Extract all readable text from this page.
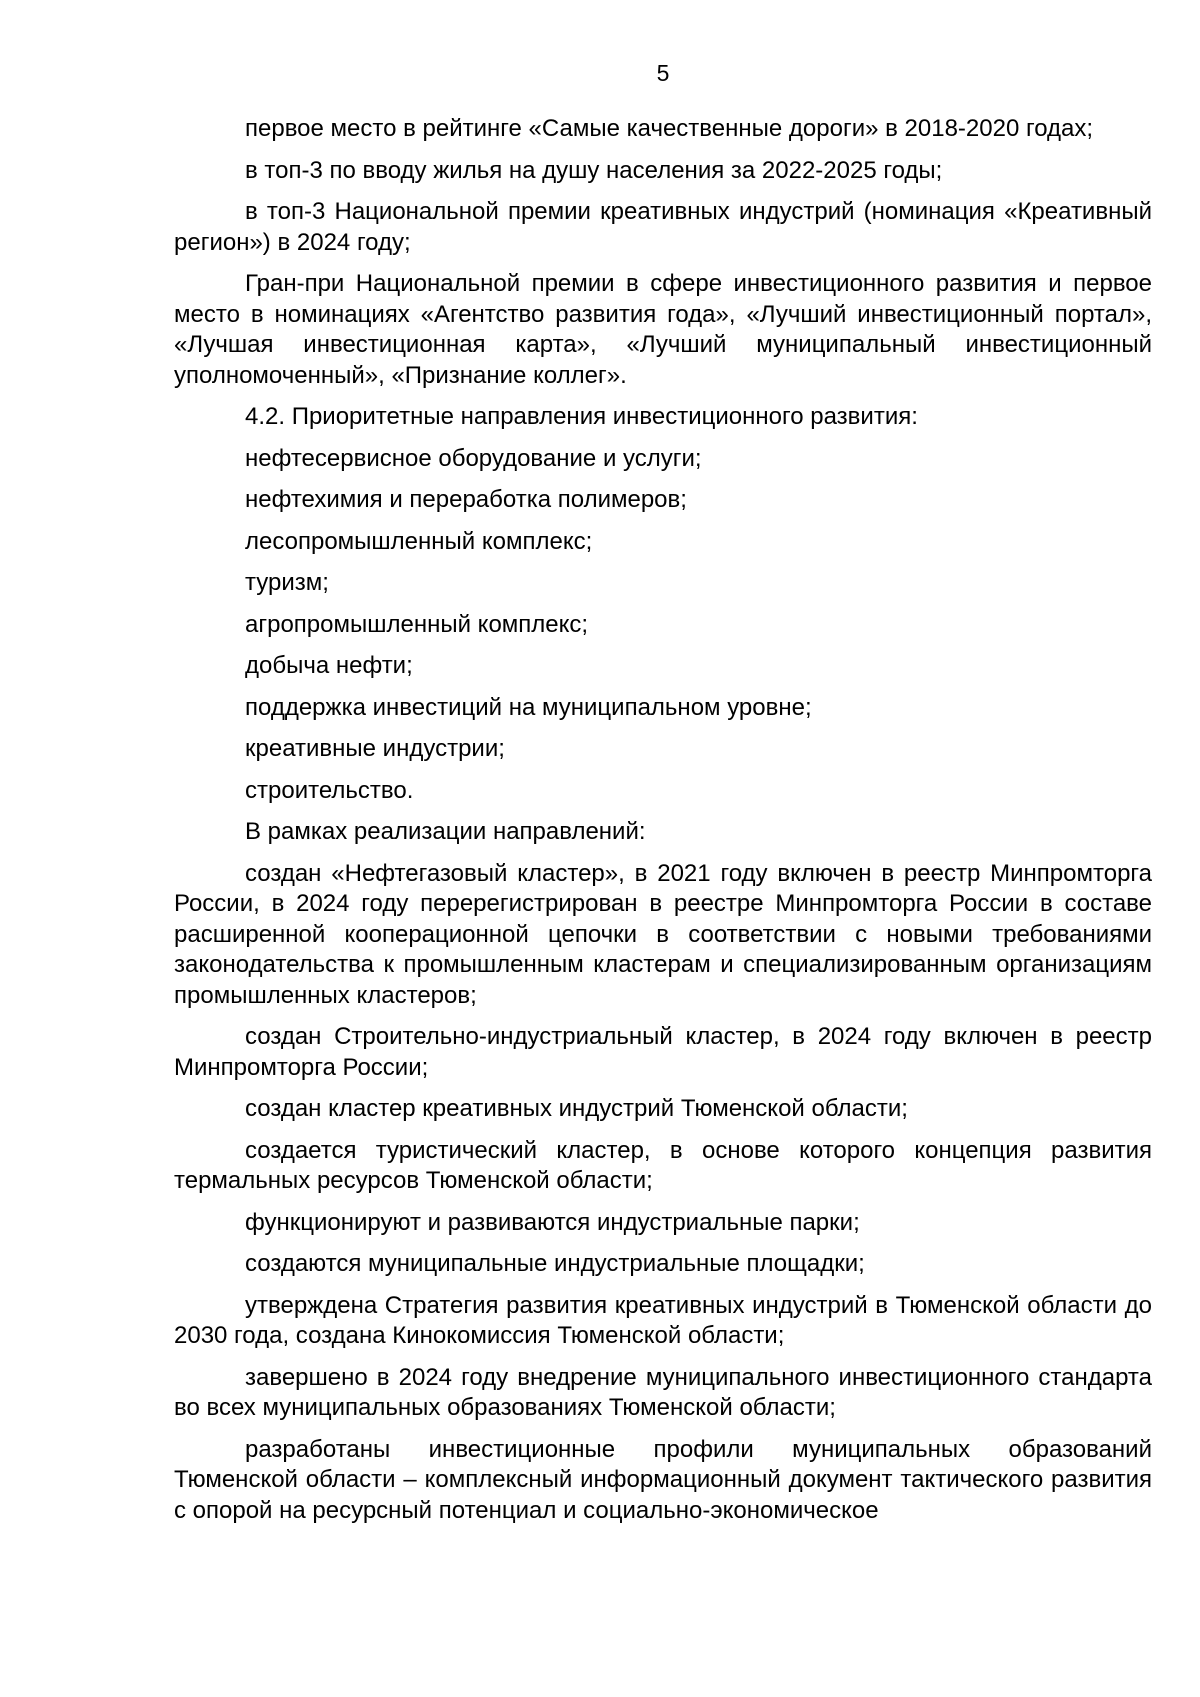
5

первое место в рейтинге «Самые качественные дороги» в 2018-2020 годах;

в топ-3 по вводу жилья на душу населения за 2022-2025 годы;

в топ-3 Национальной премии креативных индустрий (номинация «Креативный регион») в 2024 году;

Гран-при Национальной премии в сфере инвестиционного развития и первое место в номинациях «Агентство развития года», «Лучший инвестиционный портал», «Лучшая инвестиционная карта», «Лучший муниципальный инвестиционный уполномоченный», «Признание коллег».

4.2. Приоритетные направления инвестиционного развития:

нефтесервисное оборудование и услуги;

нефтехимия и переработка полимеров;

лесопромышленный комплекс;

туризм;

агропромышленный комплекс;

добыча нефти;

поддержка инвестиций на муниципальном уровне;

креативные индустрии;

строительство.

В рамках реализации направлений:

создан «Нефтегазовый кластер», в 2021 году включен в реестр Минпромторга России, в 2024 году перерегистрирован в реестре Минпромторга России в составе расширенной кооперационной цепочки в соответствии с новыми требованиями законодательства к промышленным кластерам и специализированным организациям промышленных кластеров;

создан Строительно-индустриальный кластер, в 2024 году включен в реестр Минпромторга России;

создан кластер креативных индустрий Тюменской области;

создается туристический кластер, в основе которого концепция развития термальных ресурсов Тюменской области;

функционируют и развиваются индустриальные парки;

создаются муниципальные индустриальные площадки;

утверждена Стратегия развития креативных индустрий в Тюменской области до 2030 года, создана Кинокомиссия Тюменской области;

завершено в 2024 году внедрение муниципального инвестиционного стандарта во всех муниципальных образованиях Тюменской области;

разработаны инвестиционные профили муниципальных образований Тюменской области – комплексный информационный документ тактического развития с опорой на ресурсный потенциал и социально-экономическое
